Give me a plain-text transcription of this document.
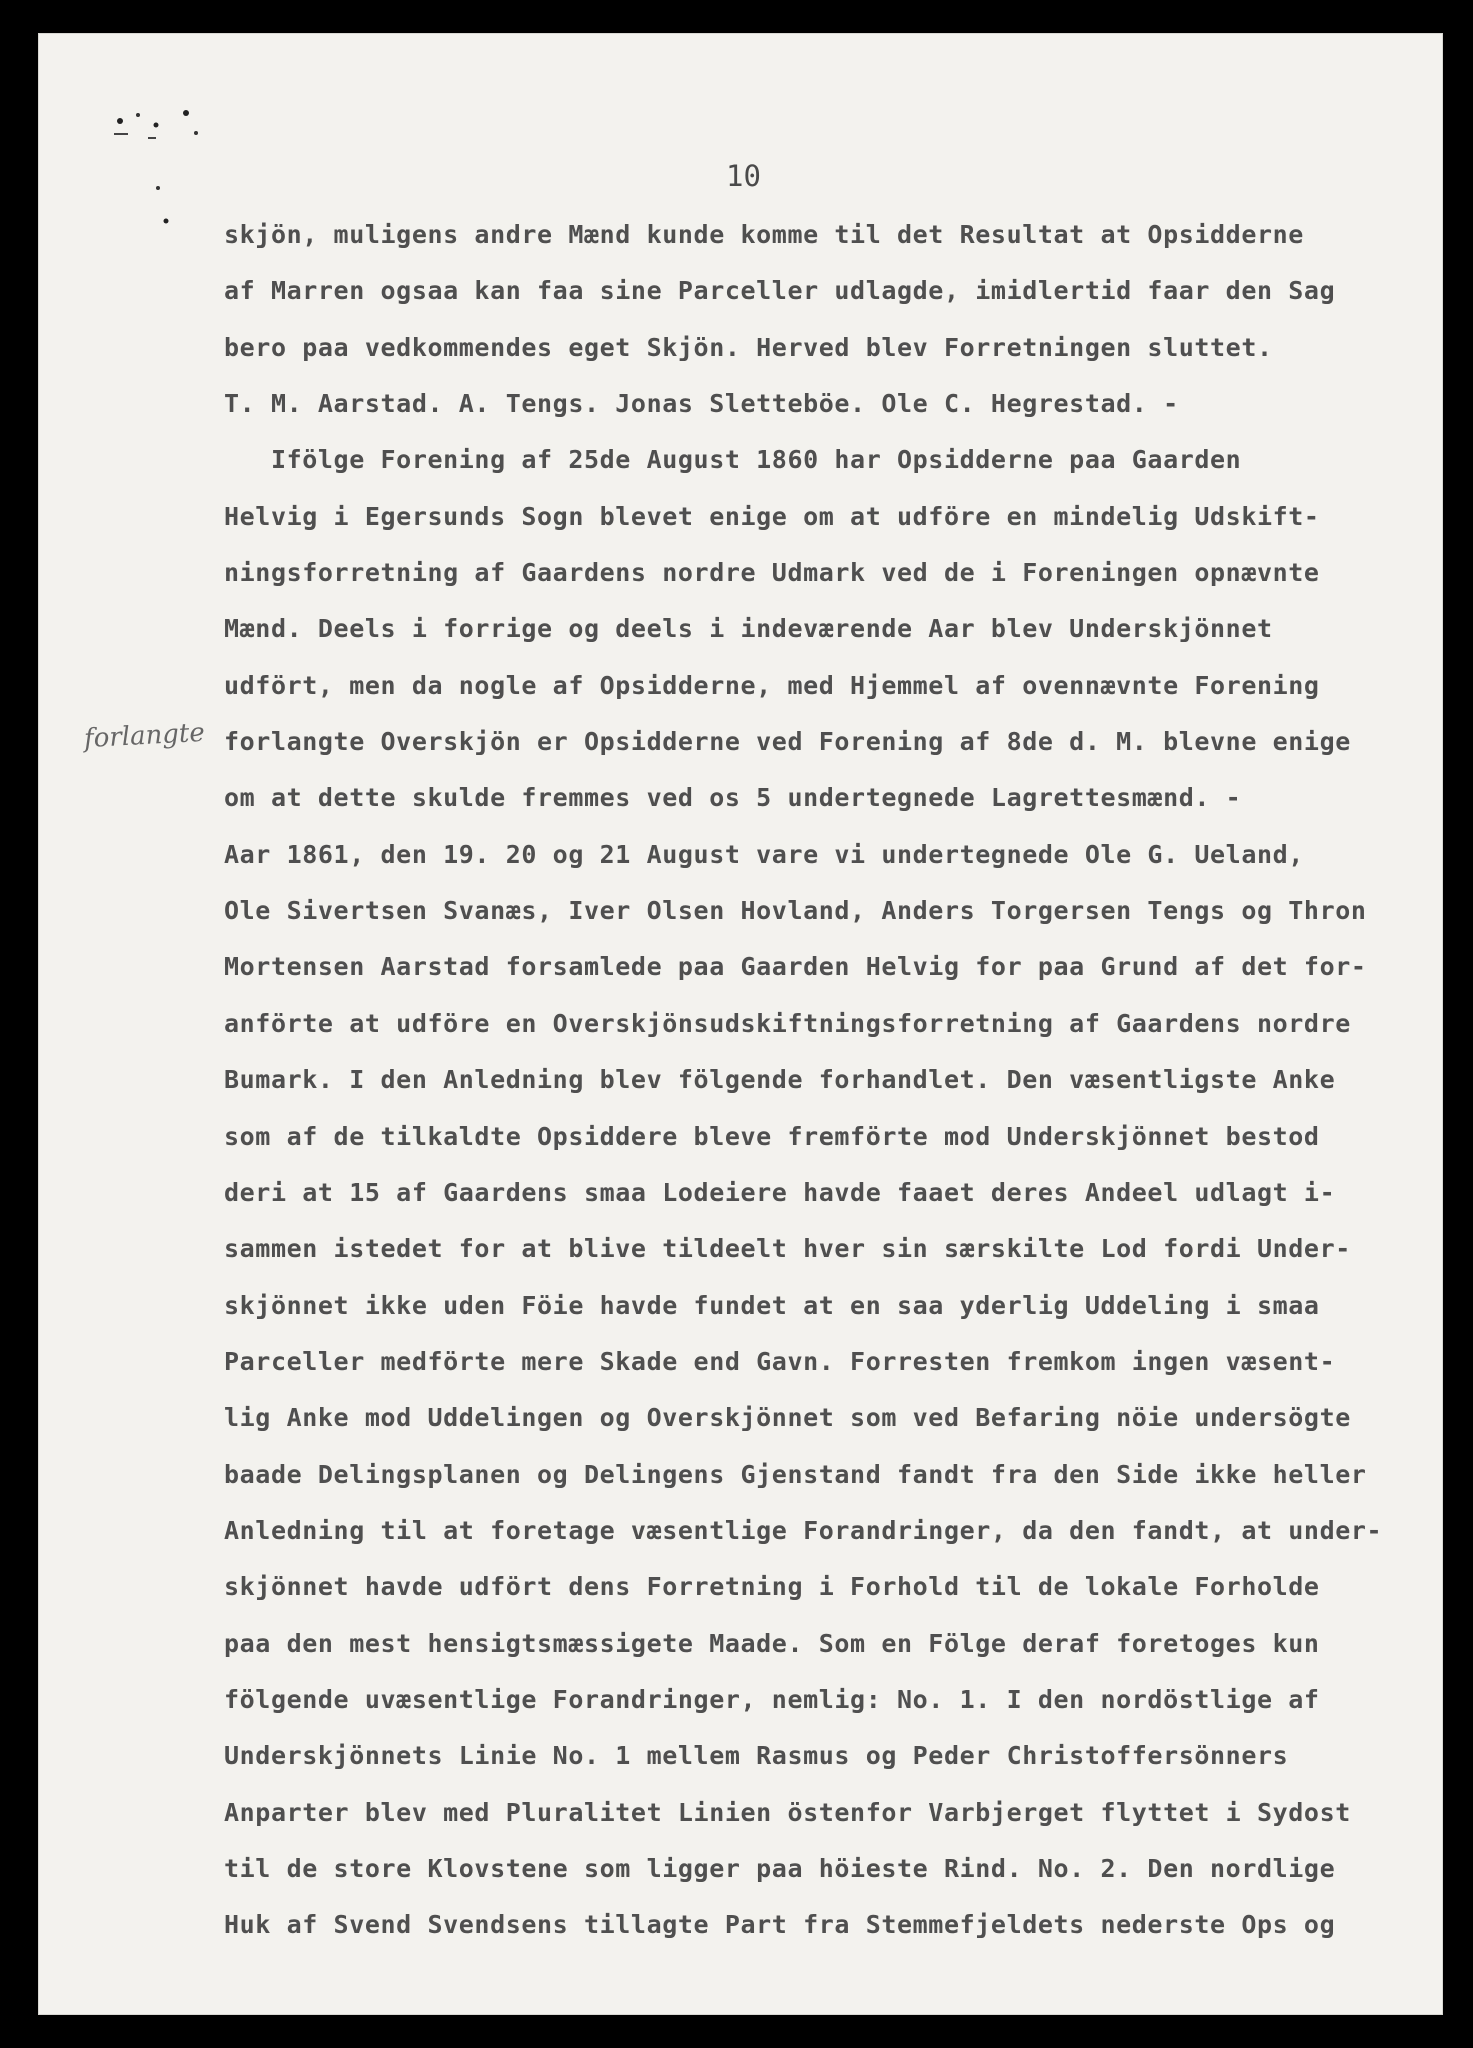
10
forlangte
skjön, muligens andre Mænd kunde komme til det Resultat at Opsidderne
af Marren ogsaa kan faa sine Parceller udlagde, imidlertid faar den Sag
bero paa vedkommendes eget Skjön. Herved blev Forretningen sluttet.
T. M. Aarstad. A. Tengs. Jonas Sletteböe. Ole C. Hegrestad. -
Ifölge Forening af 25de August 1860 har Opsidderne paa Gaarden
Helvig i Egersunds Sogn blevet enige om at udföre en mindelig Udskift-
ningsforretning af Gaardens nordre Udmark ved de i Foreningen opnævnte
Mænd. Deels i forrige og deels i indeværende Aar blev Underskjönnet
udfört, men da nogle af Opsidderne, med Hjemmel af ovennævnte Forening
forlangte Overskjön er Opsidderne ved Forening af 8de d. M. blevne enige
om at dette skulde fremmes ved os 5 undertegnede Lagrettesmænd. -
Aar 1861, den 19. 20 og 21 August vare vi undertegnede Ole G. Ueland,
Ole Sivertsen Svanæs, Iver Olsen Hovland, Anders Torgersen Tengs og Thron
Mortensen Aarstad forsamlede paa Gaarden Helvig for paa Grund af det for-
anförte at udföre en Overskjönsudskiftningsforretning af Gaardens nordre
Bumark. I den Anledning blev fölgende forhandlet. Den væsentligste Anke
som af de tilkaldte Opsiddere bleve fremförte mod Underskjönnet bestod
deri at 15 af Gaardens smaa Lodeiere havde faaet deres Andeel udlagt i-
sammen istedet for at blive tildeelt hver sin særskilte Lod fordi Under-
skjönnet ikke uden Föie havde fundet at en saa yderlig Uddeling i smaa
Parceller medförte mere Skade end Gavn. Forresten fremkom ingen væsent-
lig Anke mod Uddelingen og Overskjönnet som ved Befaring nöie undersögte
baade Delingsplanen og Delingens Gjenstand fandt fra den Side ikke heller
Anledning til at foretage væsentlige Forandringer, da den fandt, at under-
skjönnet havde udfört dens Forretning i Forhold til de lokale Forholde
paa den mest hensigtsmæssigete Maade. Som en Fölge deraf foretoges kun
fölgende uvæsentlige Forandringer, nemlig: No. 1. I den nordöstlige af
Underskjönnets Linie No. 1 mellem Rasmus og Peder Christoffersönners
Anparter blev med Pluralitet Linien östenfor Varbjerget flyttet i Sydost
til de store Klovstene som ligger paa höieste Rind. No. 2. Den nordlige
Huk af Svend Svendsens tillagte Part fra Stemmefjeldets nederste Ops og
